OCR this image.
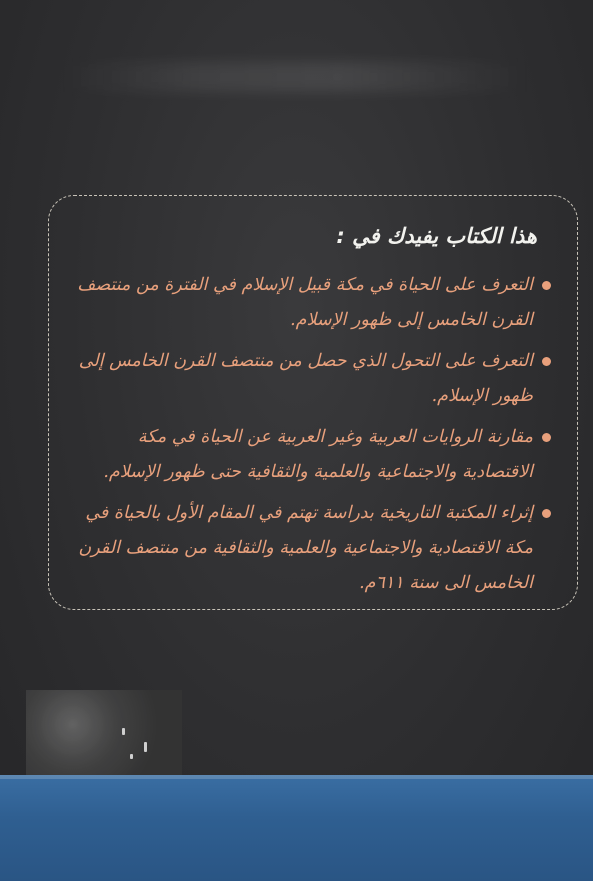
هذا الكتاب يفيدك في :
التعرف على الحياة في مكة قبيل الإسلام في الفترة من منتصف القرن الخامس إلى ظهور الإسلام.
التعرف على التحول الذي حصل من منتصف القرن الخامس إلى ظهور الإسلام.
مقارنة الروايات العربية وغير العربية عن الحياة في مكة الاقتصادية والاجتماعية والعلمية والثقافية حتى ظهور الإسلام.
إثراء المكتبة التاريخية بدراسة تهتم في المقام الأول بالحياة في مكة الاقتصادية والاجتماعية والعلمية والثقافية من منتصف القرن الخامس الى سنة ٦١١م.
